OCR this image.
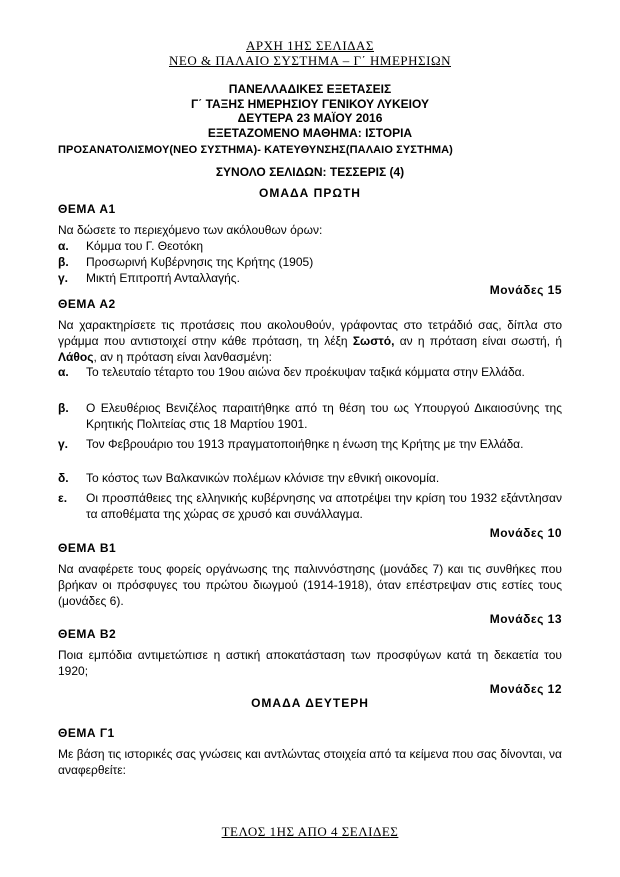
ΑΡΧΗ 1ΗΣ ΣΕΛΙΔΑΣ
ΝΕΟ & ΠΑΛΑΙΟ ΣΥΣΤΗΜΑ – Γ΄ ΗΜΕΡΗΣΙΩΝ
ΠΑΝΕΛΛΑΔΙΚΕΣ ΕΞΕΤΑΣΕΙΣ
Γ΄ ΤΑΞΗΣ ΗΜΕΡΗΣΙΟΥ ΓΕΝΙΚΟΥ ΛΥΚΕΙΟΥ
ΔΕΥΤΕΡΑ 23 ΜΑΪΟΥ 2016
ΕΞΕΤΑΖΟΜΕΝΟ ΜΑΘΗΜΑ: ΙΣΤΟΡΙΑ
ΠΡΟΣΑΝΑΤΟΛΙΣΜΟΥ(ΝΕΟ ΣΥΣΤΗΜΑ)- ΚΑΤΕΥΘΥΝΣΗΣ(ΠΑΛΑΙΟ ΣΥΣΤΗΜΑ)
ΣΥΝΟΛΟ ΣΕΛΙΔΩΝ: ΤΕΣΣΕΡΙΣ (4)
ΟΜΑΔΑ ΠΡΩΤΗ
ΘΕΜΑ Α1
Να δώσετε το περιεχόμενο των ακόλουθων όρων:
α. Κόμμα του Γ. Θεοτόκη
β. Προσωρινή Κυβέρνησις της Κρήτης (1905)
γ. Μικτή Επιτροπή Ανταλλαγής.
Μονάδες 15
ΘΕΜΑ Α2
Να χαρακτηρίσετε τις προτάσεις που ακολουθούν, γράφοντας στο τετράδιό σας, δίπλα στο γράμμα που αντιστοιχεί στην κάθε πρόταση, τη λέξη Σωστό, αν η πρόταση είναι σωστή, ή Λάθος, αν η πρόταση είναι λανθασμένη:
α. Το τελευταίο τέταρτο του 19ου αιώνα δεν προέκυψαν ταξικά κόμματα στην Ελλάδα.
β. Ο Ελευθέριος Βενιζέλος παραιτήθηκε από τη θέση του ως Υπουργού Δικαιοσύνης της Κρητικής Πολιτείας στις 18 Μαρτίου 1901.
γ. Τον Φεβρουάριο του 1913 πραγματοποιήθηκε η ένωση της Κρήτης με την Ελλάδα.
δ. Το κόστος των Βαλκανικών πολέμων κλόνισε την εθνική οικονομία.
ε. Οι προσπάθειες της ελληνικής κυβέρνησης να αποτρέψει την κρίση του 1932 εξάντλησαν τα αποθέματα της χώρας σε χρυσό και συνάλλαγμα.
Μονάδες 10
ΘΕΜΑ Β1
Να αναφέρετε τους φορείς οργάνωσης της παλιννόστησης (μονάδες 7) και τις συνθήκες που βρήκαν οι πρόσφυγες του πρώτου διωγμού (1914-1918), όταν επέστρεψαν στις εστίες τους (μονάδες 6).
Μονάδες 13
ΘΕΜΑ Β2
Ποια εμπόδια αντιμετώπισε η αστική αποκατάσταση των προσφύγων κατά τη δεκαετία του 1920;
Μονάδες 12
ΟΜΑΔΑ ΔΕΥΤΕΡΗ
ΘΕΜΑ Γ1
Με βάση τις ιστορικές σας γνώσεις και αντλώντας στοιχεία από τα κείμενα που σας δίνονται, να αναφερθείτε:
ΤΕΛΟΣ 1ΗΣ ΑΠΟ 4 ΣΕΛΙΔΕΣ
